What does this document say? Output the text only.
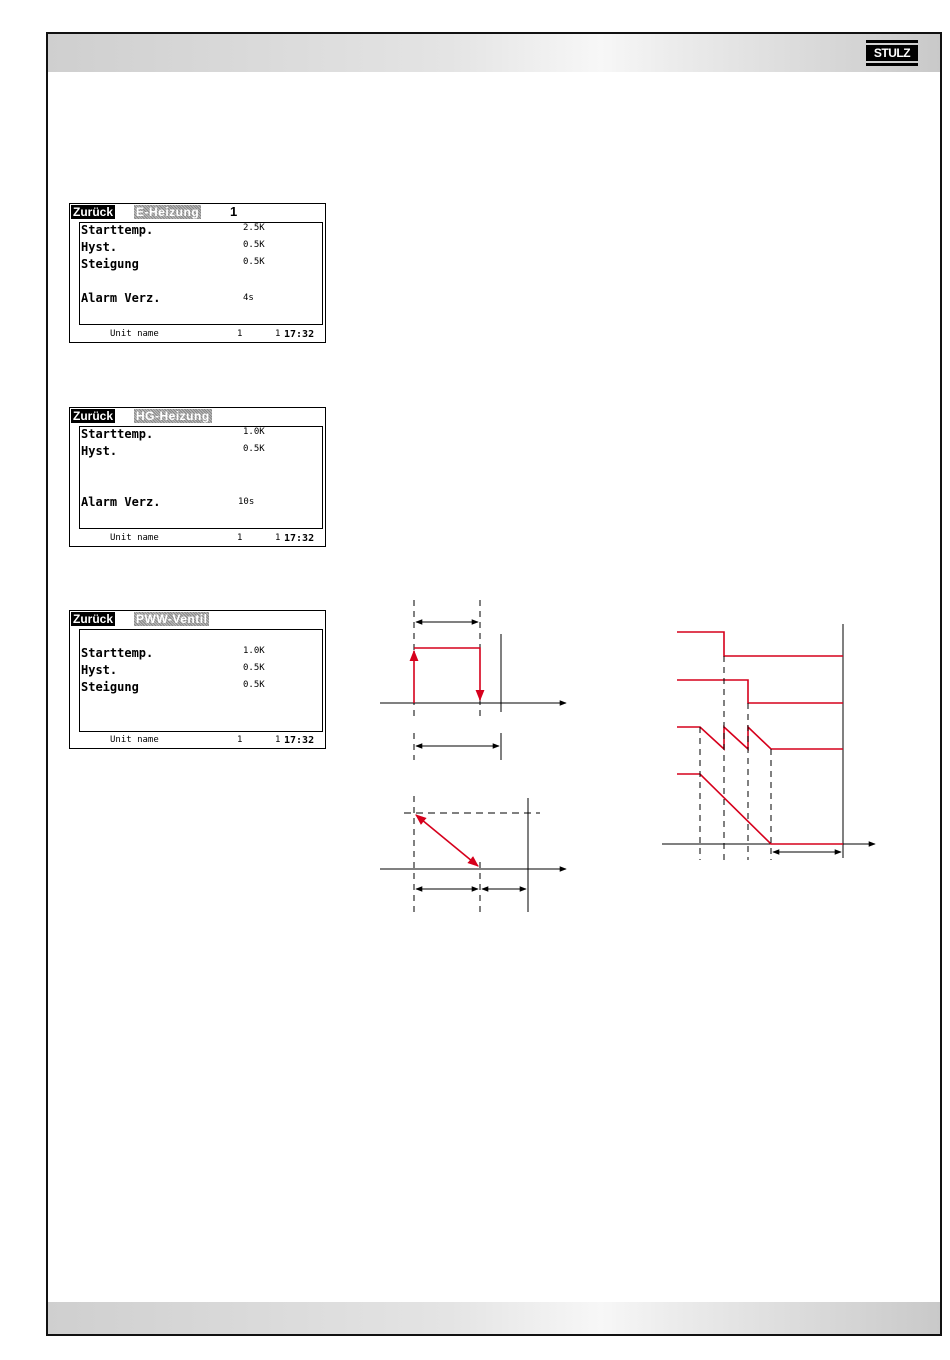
STULZ
Zurück E-Heizung 1
Starttemp.	2.5K
Hyst.	0.5K
Steigung	0.5K
Alarm Verz.	4s
Unit name	1	1 17:32
Zurück HG-Heizung
Starttemp.	1.0K
Hyst.	0.5K
Alarm Verz.	10s
Unit name	1	1 17:32
Zurück PWW-Ventil
Starttemp.	1.0K
Hyst.	0.5K
Steigung	0.5K
Unit name	1	1 17:32
